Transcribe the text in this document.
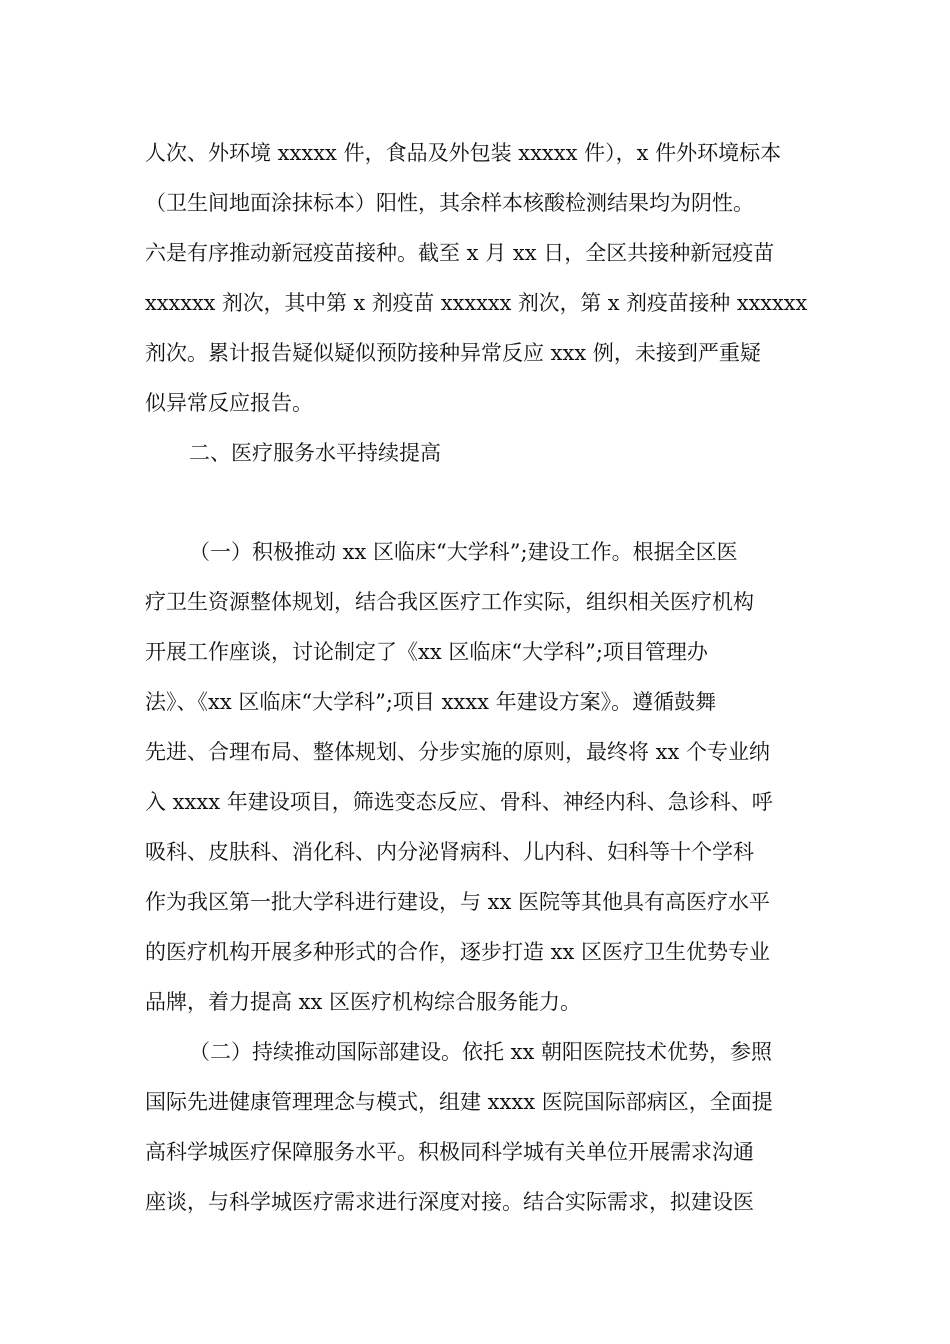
人次、外环境 xxxxx 件，食品及外包装 xxxxx 件），x 件外环境标本
（卫生间地面涂抹标本）阳性，其余样本核酸检测结果均为阴性。
六是有序推动新冠疫苗接种。截至 x 月 xx 日，全区共接种新冠疫苗
xxxxxx 剂次，其中第 x 剂疫苗 xxxxxx 剂次，第 x 剂疫苗接种 xxxxxx
剂次。累计报告疑似疑似预防接种异常反应 xxx 例，未接到严重疑
似异常反应报告。
二、医疗服务水平持续提高
（一）积极推动 xx 区临床“大学科”;建设工作。根据全区医
疗卫生资源整体规划，结合我区医疗工作实际，组织相关医疗机构
开展工作座谈，讨论制定了《xx 区临床“大学科”;项目管理办
法》、《xx 区临床“大学科”;项目 xxxx 年建设方案》。遵循鼓舞
先进、合理布局、整体规划、分步实施的原则，最终将 xx 个专业纳
入 xxxx 年建设项目，筛选变态反应、骨科、神经内科、急诊科、呼
吸科、皮肤科、消化科、内分泌肾病科、儿内科、妇科等十个学科
作为我区第一批大学科进行建设，与 xx 医院等其他具有高医疗水平
的医疗机构开展多种形式的合作，逐步打造 xx 区医疗卫生优势专业
品牌，着力提高 xx 区医疗机构综合服务能力。
（二）持续推动国际部建设。依托 xx 朝阳医院技术优势，参照
国际先进健康管理理念与模式，组建 xxxx 医院国际部病区，全面提
高科学城医疗保障服务水平。积极同科学城有关单位开展需求沟通
座谈，与科学城医疗需求进行深度对接。结合实际需求，拟建设医
